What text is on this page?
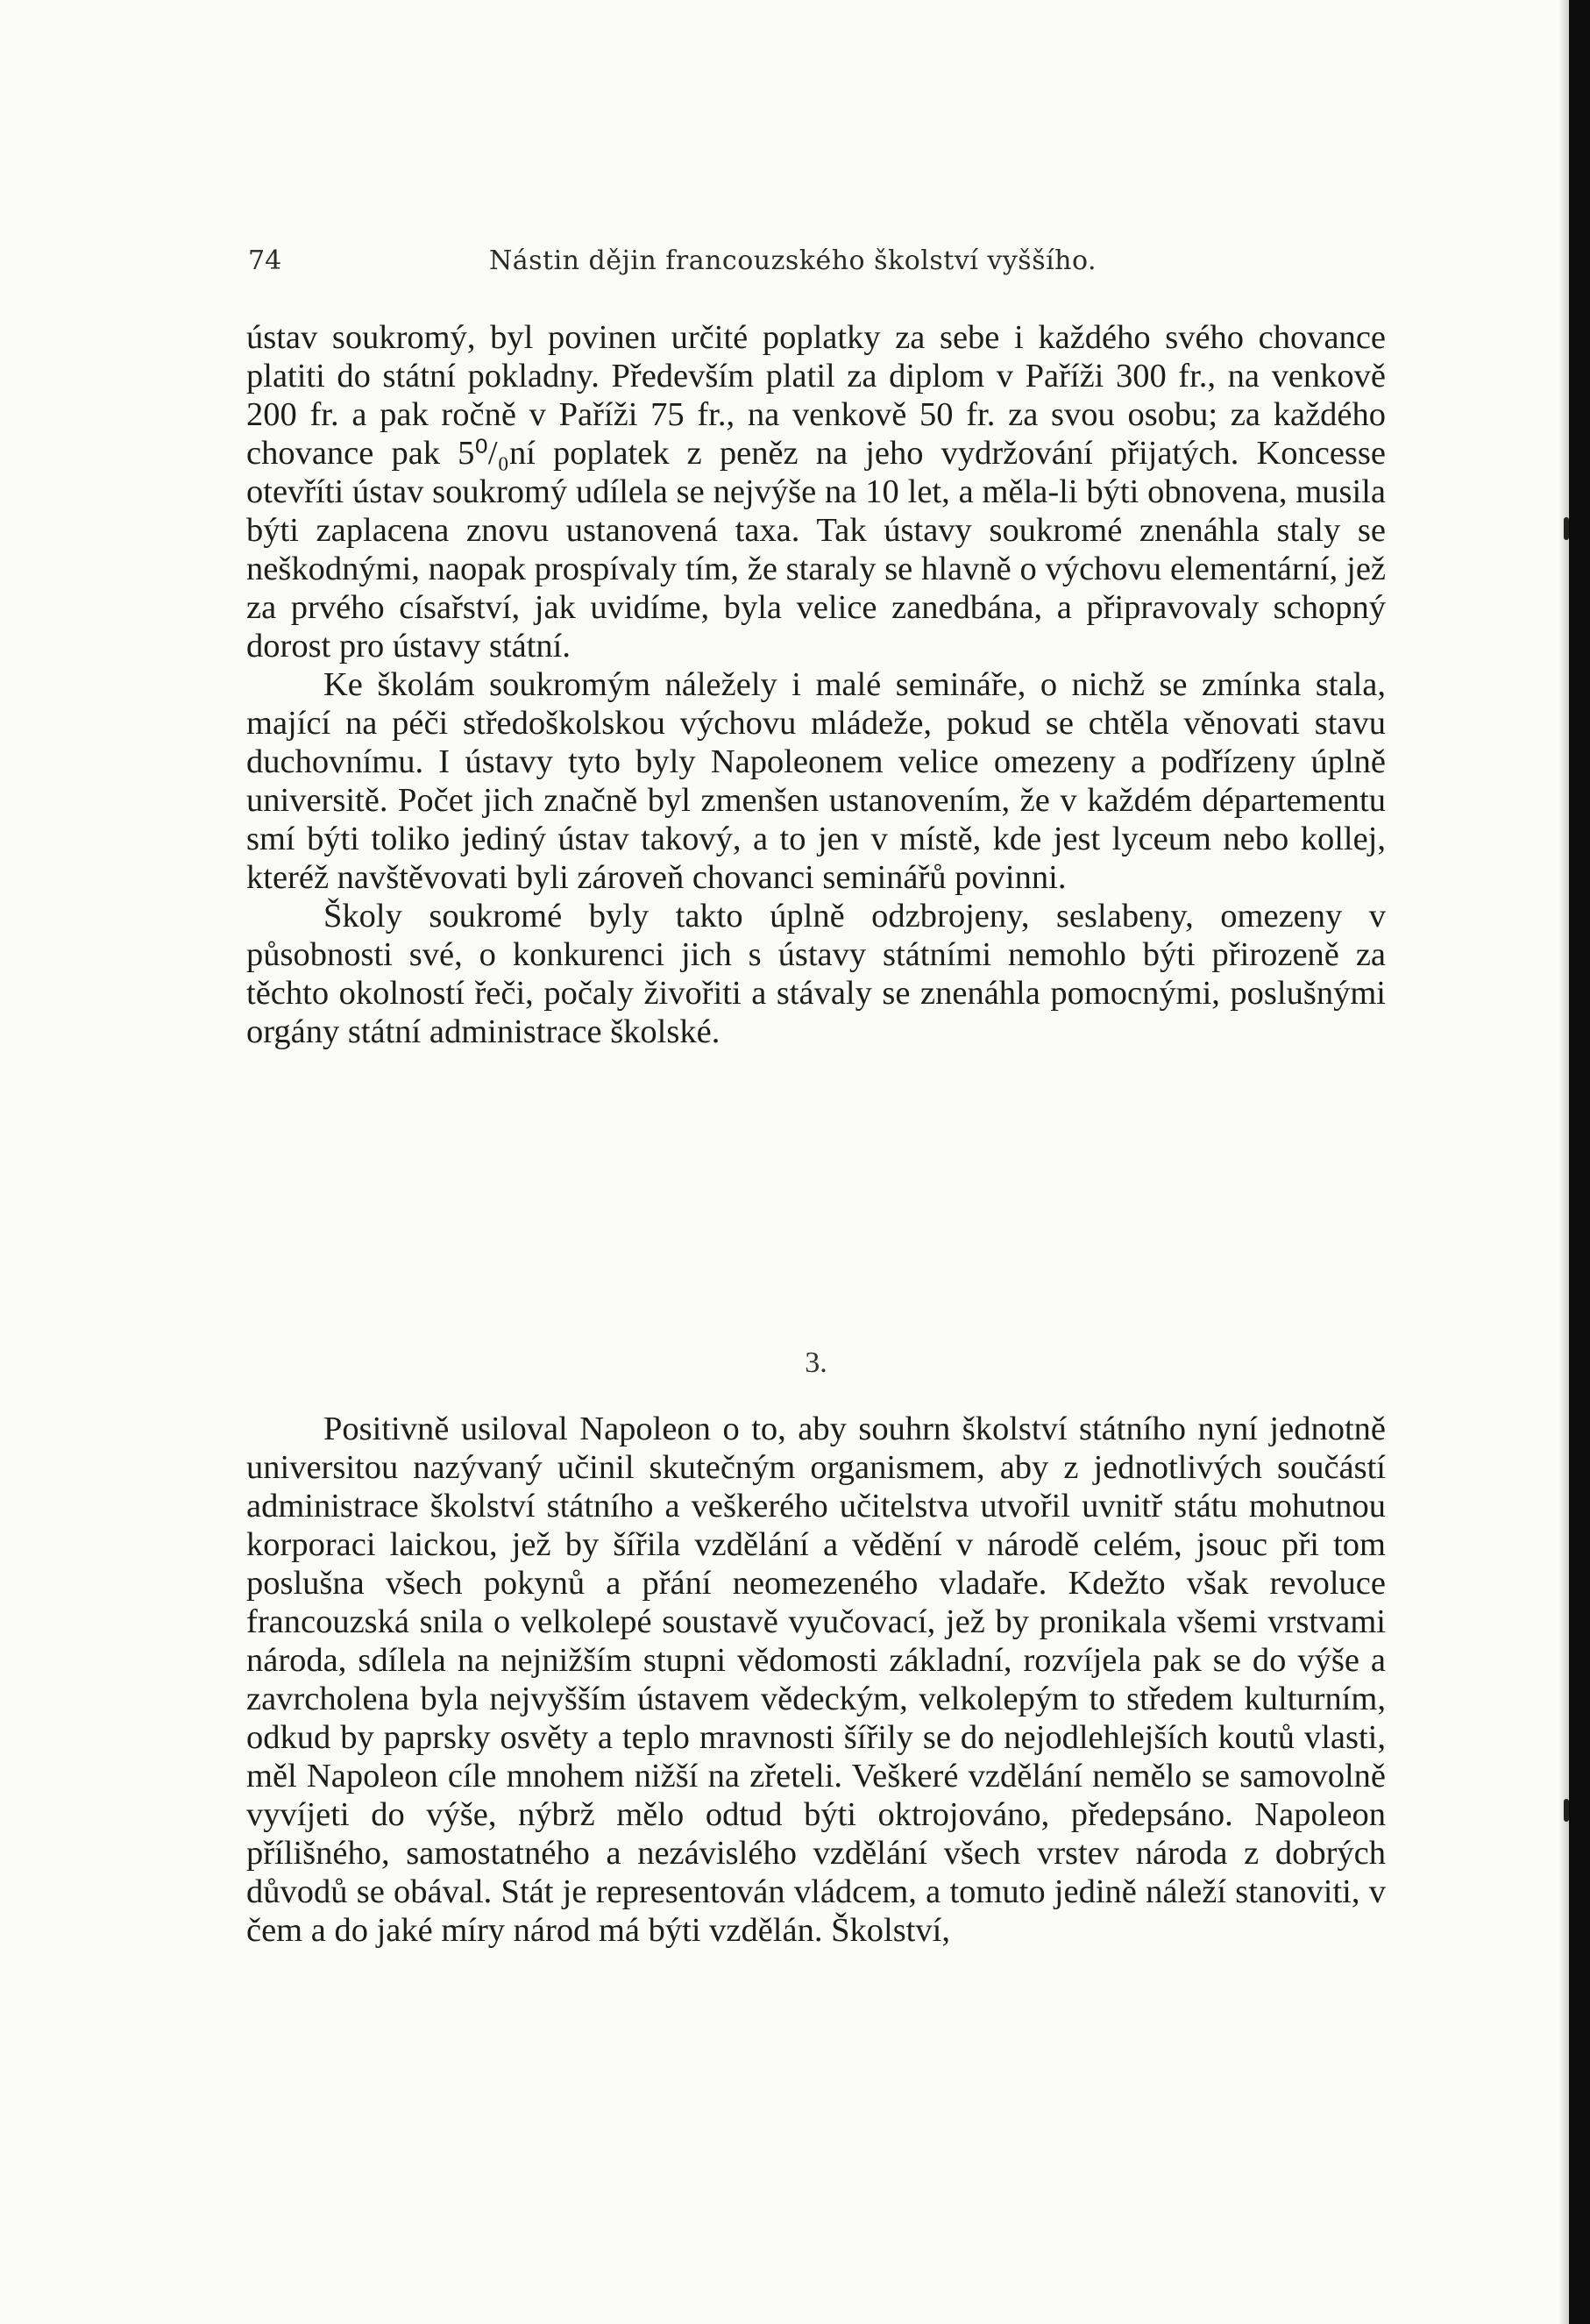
74	Nástin dějin francouzského školství vyššího.

ústav soukromý, byl povinen určité poplatky za sebe i každého svého chovance platiti do státní pokladny. Především platil za diplom v Paříži 300 fr., na venkově 200 fr. a pak ročně v Paříži 75 fr., na venkově 50 fr. za svou osobu; za každého chovance pak 5⁰/₀ní poplatek z peněz na jeho vydržování přijatých. Koncesse otevříti ústav soukromý udílela se nejvýše na 10 let, a měla-li býti obnovena, musila býti zaplacena znovu ustanovená taxa. Tak ústavy soukromé znenáhla staly se neškodnými, naopak prospívaly tím, že staraly se hlavně o výchovu elementární, jež za prvého císařství, jak uvidíme, byla velice zanedbána, a připravovaly schopný dorost pro ústavy státní.

Ke školám soukromým náležely i malé semináře, o nichž se zmínka stala, mající na péči středoškolskou výchovu mládeže, pokud se chtěla věnovati stavu duchovnímu. I ústavy tyto byly Napoleonem velice omezeny a podřízeny úplně universitě. Počet jich značně byl zmenšen ustanovením, že v každém départementu smí býti toliko jediný ústav takový, a to jen v místě, kde jest lyceum nebo kollej, kteréž navštěvovati byli zároveň chovanci seminářů povinni.

Školy soukromé byly takto úplně odzbrojeny, seslabeny, omezeny v působnosti své, o konkurenci jich s ústavy státními nemohlo býti přirozeně za těchto okolností řeči, počaly živořiti a stávaly se znenáhla pomocnými, poslušnými orgány státní administrace školské.

3.

Positivně usiloval Napoleon o to, aby souhrn školství státního nyní jednotně universitou nazývaný učinil skutečným organismem, aby z jednotlivých součástí administrace školství státního a veškerého učitelstva utvořil uvnitř státu mohutnou korporaci laickou, jež by šířila vzdělání a vědění v národě celém, jsouc při tom poslušna všech pokynů a přání neomezeného vladaře. Kdežto však revoluce francouzská snila o velkolepé soustavě vyučovací, jež by pronikala všemi vrstvami národa, sdílela na nejnižším stupni vědomosti základní, rozvíjela pak se do výše a zavrcholena byla nejvyšším ústavem vědeckým, velkolepým to středem kulturním, odkud by paprsky osvěty a teplo mravnosti šířily se do nejodlehlejších koutů vlasti, měl Napoleon cíle mnohem nižší na zřeteli. Veškeré vzdělání nemělo se samovolně vyvíjeti do výše, nýbrž mělo odtud býti oktrojováno, předepsáno. Napoleon přílišného, samostatného a nezávislého vzdělání všech vrstev národa z dobrých důvodů se obával. Stát je representován vládcem, a tomuto jedině náleží stanoviti, v čem a do jaké míry národ má býti vzdělán. Školství,
